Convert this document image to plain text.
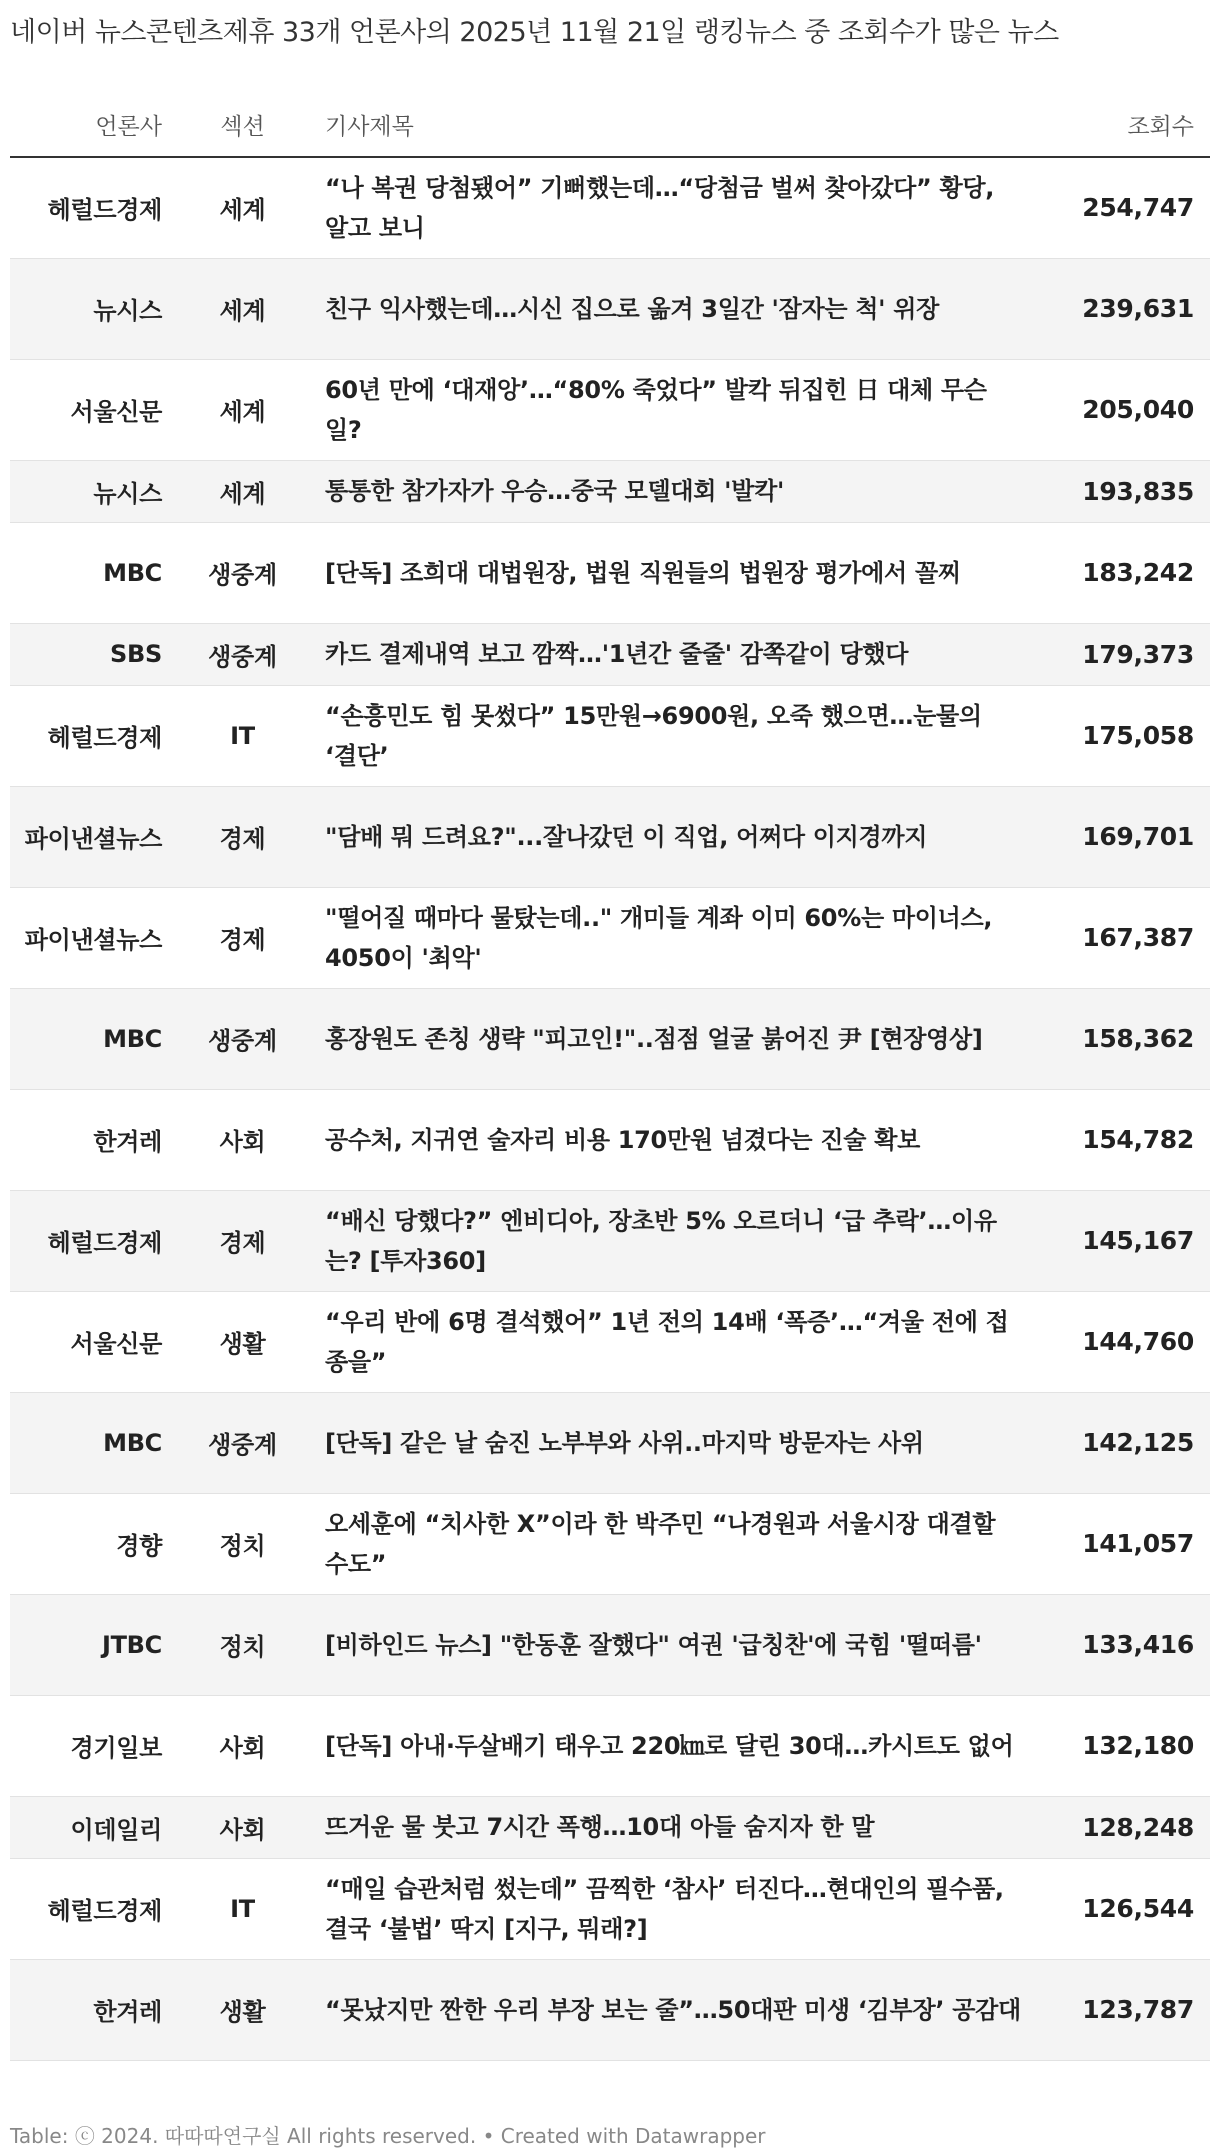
네이버 뉴스콘텐츠제휴 33개 언론사의 2025년 11월 21일 랭킹뉴스 중 조회수가 많은 뉴스
언론사	섹션	기사제목	조회수
헤럴드경제	세계	“나 복권 당첨됐어” 기뻐했는데…“당첨금 벌써 찾아갔다” 황당, 알고 보니	254,747
뉴시스	세계	친구 익사했는데…시신 집으로 옮겨 3일간 '잠자는 척' 위장	239,631
서울신문	세계	60년 만에 ‘대재앙’…“80% 죽었다” 발칵 뒤집힌 日 대체 무슨 일?	205,040
뉴시스	세계	통통한 참가자가 우승…중국 모델대회 '발칵'	193,835
MBC	생중계	[단독] 조희대 대법원장, 법원 직원들의 법원장 평가에서 꼴찌	183,242
SBS	생중계	카드 결제내역 보고 깜짝…'1년간 줄줄' 감쪽같이 당했다	179,373
헤럴드경제	IT	“손흥민도 힘 못썼다” 15만원→6900원, 오죽 했으면…눈물의 ‘결단’	175,058
파이낸셜뉴스	경제	"담배 뭐 드려요?"...잘나갔던 이 직업, 어쩌다 이지경까지	169,701
파이낸셜뉴스	경제	"떨어질 때마다 물탔는데.." 개미들 계좌 이미 60%는 마이너스, 4050이 '최악'	167,387
MBC	생중계	홍장원도 존칭 생략 "피고인!"..점점 얼굴 붉어진 尹 [현장영상]	158,362
한겨레	사회	공수처, 지귀연 술자리 비용 170만원 넘겼다는 진술 확보	154,782
헤럴드경제	경제	“배신 당했다?” 엔비디아, 장초반 5% 오르더니 ‘급 추락’…이유는? [투자360]	145,167
서울신문	생활	“우리 반에 6명 결석했어” 1년 전의 14배 ‘폭증’…“겨울 전에 접종을”	144,760
MBC	생중계	[단독] 같은 날 숨진 노부부와 사위..마지막 방문자는 사위	142,125
경향	정치	오세훈에 “치사한 X”이라 한 박주민 “나경원과 서울시장 대결할 수도”	141,057
JTBC	정치	[비하인드 뉴스] "한동훈 잘했다" 여권 '급칭찬'에 국힘 '떨떠름'	133,416
경기일보	사회	[단독] 아내·두살배기 태우고 220㎞로 달린 30대…카시트도 없어	132,180
이데일리	사회	뜨거운 물 붓고 7시간 폭행…10대 아들 숨지자 한 말	128,248
헤럴드경제	IT	“매일 습관처럼 썼는데” 끔찍한 ‘참사’ 터진다…현대인의 필수품, 결국 ‘불법’ 딱지 [지구, 뭐래?]	126,544
한겨레	생활	“못났지만 짠한 우리 부장 보는 줄”…50대판 미생 ‘김부장’ 공감대	123,787
Table: ⓒ 2024. 따따따연구실 All rights reserved. • Created with Datawrapper
